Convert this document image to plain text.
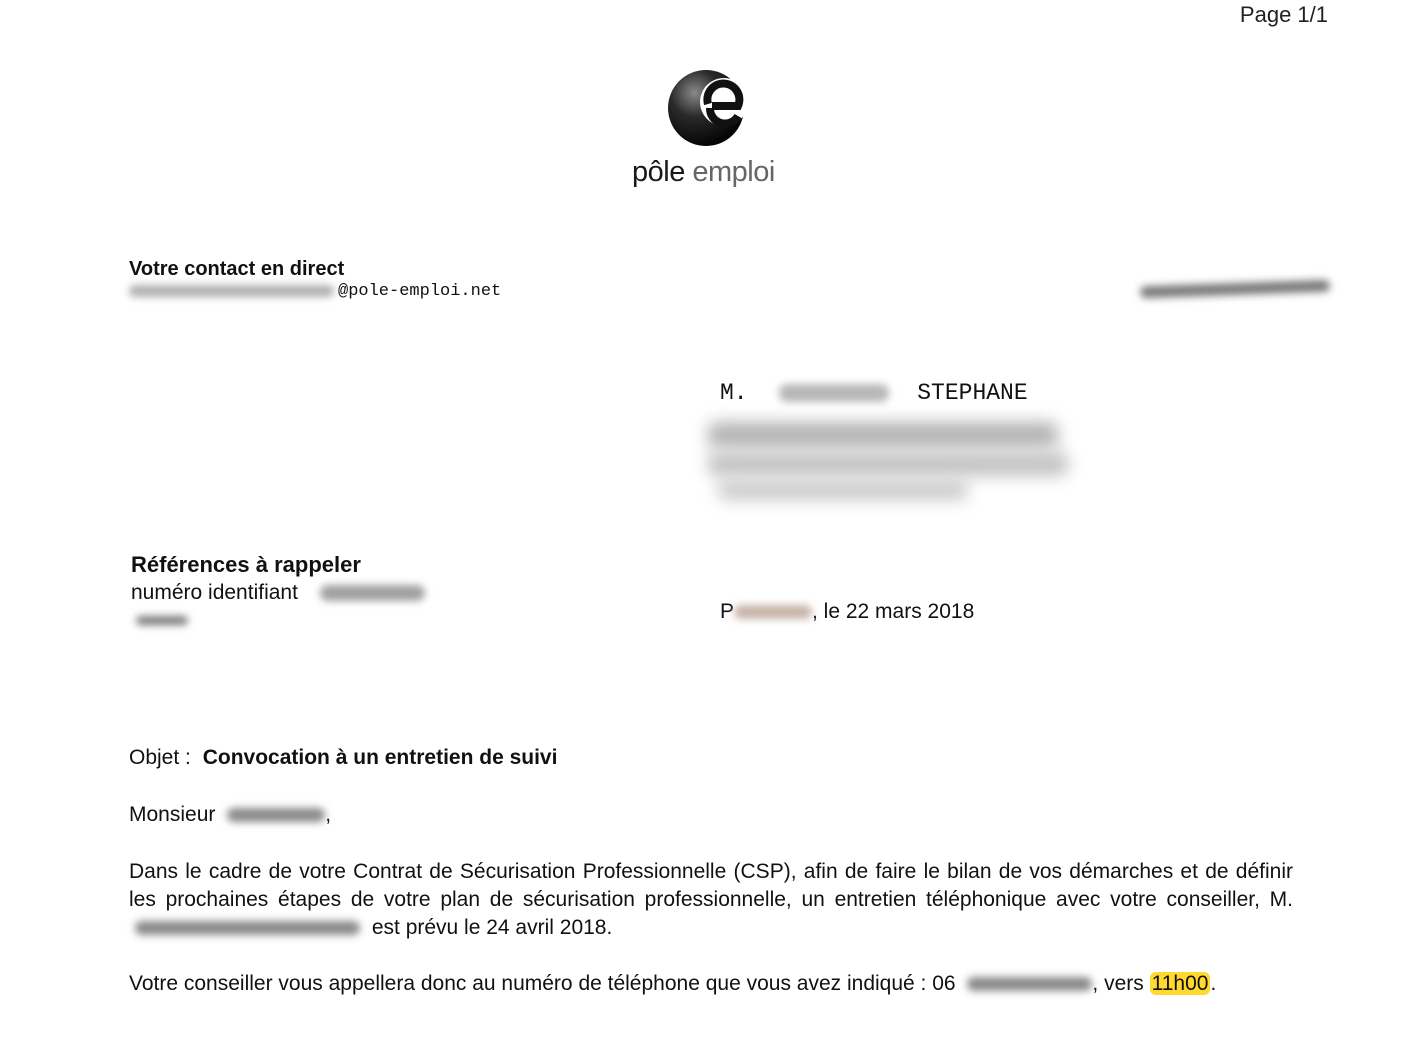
Page 1/1
pôle emploi
Votre contact en direct
@pole-emploi.net
M.	STEPHANE
Références à rappeler
numéro identifiant
P	, le 22 mars 2018
Objet : Convocation à un entretien de suivi
Monsieur	,
Dans le cadre de votre Contrat de Sécurisation Professionnelle (CSP), afin de faire le bilan de vos démarches et de définir les prochaines étapes de votre plan de sécurisation professionnelle, un entretien téléphonique avec votre conseiller, M.  est prévu le 24 avril 2018.
Votre conseiller vous appellera donc au numéro de téléphone que vous avez indiqué : 06	, vers 11h00.
